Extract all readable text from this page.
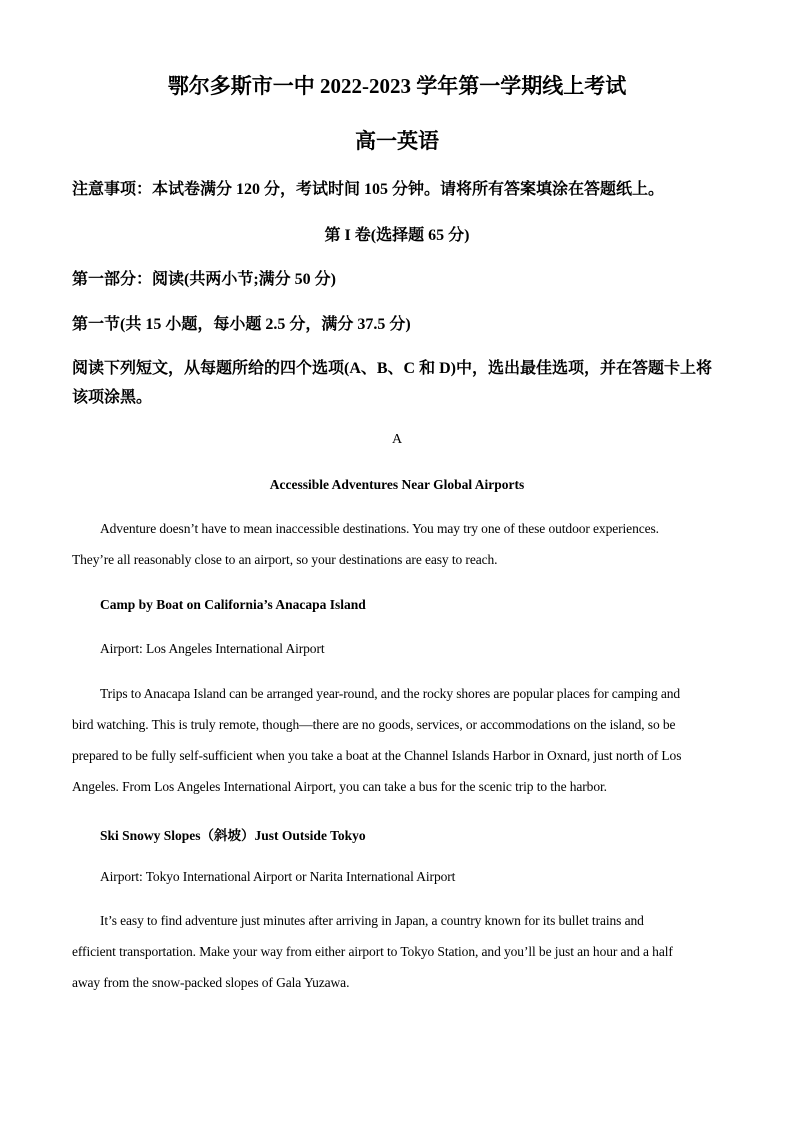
鄂尔多斯市一中 2022-2023 学年第一学期线上考试
高一英语
注意事项：本试卷满分 120 分，考试时间 105 分钟。请将所有答案填涂在答题纸上。
第 I 卷(选择题 65 分)
第一部分：阅读(共两小节;满分 50 分)
第一节(共 15 小题，每小题 2.5 分，满分 37.5 分)
阅读下列短文，从每题所给的四个选项(A、B、C 和 D)中，选出最佳选项，并在答题卡上将
该项涂黑。
A
Accessible Adventures Near Global Airports
Adventure doesn’t have to mean inaccessible destinations. You may try one of these outdoor experiences.
They’re all reasonably close to an airport, so your destinations are easy to reach.
Camp by Boat on California’s Anacapa Island
Airport: Los Angeles International Airport
Trips to Anacapa Island can be arranged year-round, and the rocky shores are popular places for camping and
bird watching. This is truly remote, though—there are no goods, services, or accommodations on the island, so be
prepared to be fully self-sufficient when you take a boat at the Channel Islands Harbor in Oxnard, just north of Los
Angeles. From Los Angeles International Airport, you can take a bus for the scenic trip to the harbor.
Ski Snowy Slopes（斜坡）Just Outside Tokyo
Airport: Tokyo International Airport or Narita International Airport
It’s easy to find adventure just minutes after arriving in Japan, a country known for its bullet trains and
efficient transportation. Make your way from either airport to Tokyo Station, and you’ll be just an hour and a half
away from the snow-packed slopes of Gala Yuzawa.
